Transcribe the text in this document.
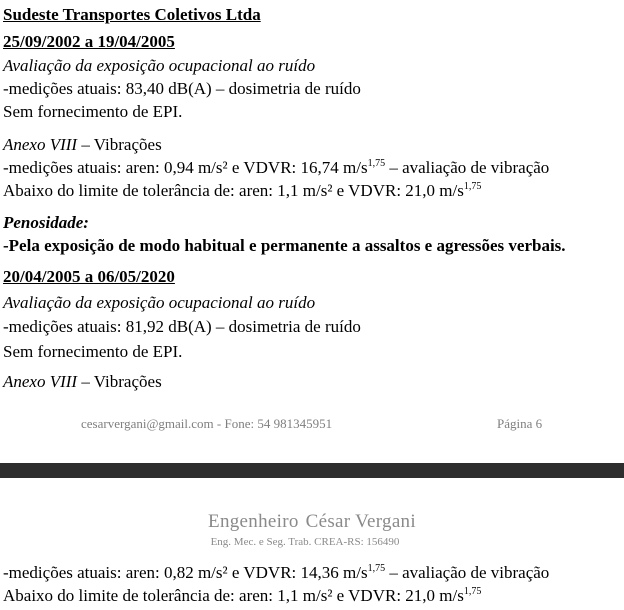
Sudeste Transportes Coletivos Ltda
25/09/2002 a 19/04/2005
Avaliação da exposição ocupacional ao ruído
-medições atuais: 83,40 dB(A) – dosimetria de ruído
Sem fornecimento de EPI.
Anexo VIII – Vibrações
-medições atuais: aren: 0,94 m/s² e VDVR: 16,74 $m/s^{1,75}$ – avaliação de vibração
Abaixo do limite de tolerância de: aren: 1,1 m/s² e VDVR: 21,0 $m/s^{1,75}$
Penosidade:
-Pela exposição de modo habitual e permanente a assaltos e agressões verbais.
20/04/2005 a 06/05/2020
Avaliação da exposição ocupacional ao ruído
-medições atuais: 81,92 dB(A) – dosimetria de ruído
Sem fornecimento de EPI.
Anexo VIII – Vibrações
cesarvergani@gmail.com - Fone: 54 981345951	Página 6
Engenheiro César Vergani
Eng. Mec. e Seg. Trab. CREA-RS: 156490
-medições atuais: aren: 0,82 m/s² e VDVR: 14,36 $m/s^{1,75}$ – avaliação de vibração
Abaixo do limite de tolerância de: aren: 1,1 m/s² e VDVR: 21,0 $m/s^{1,75}$
